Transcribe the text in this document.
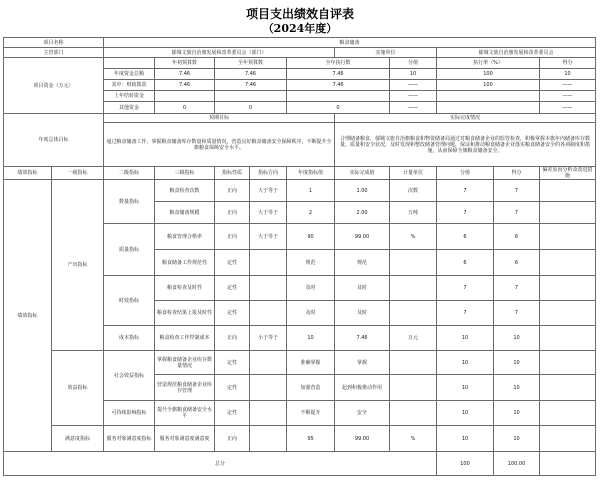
项目支出绩效自评表
（2024年度）
项目名称		粮食储备									
主管部门		郁城文旅自治旗发展和改革委员会（部门）					实施单位		郁城文旅自治旗发展和改革委员会		
项目资金（万元）			年初预算数	全年预算数		全年执行数		分值	执行率（%）		得分
		年度资金总额	7.46	7.46		7.46		10	100		10
		其中：财政拨款	7.46	7.46		7.46		——	100		——
		上年结转资金						——			——
		其他资金	0	0		0		——			——
年度总体目标		预期目标					实际完成情况				
		通过粮食储备工作，掌握粮食储备库存数量和质量情况，营造良好粮食储备安全保障秩序，不断提升全旗粮食保障安全水平。					合理储备粮食，郁城文旅自治旗粮食和物资储备局通过对粮食储备企业的监管检查，积极掌握本旗年内储备库存数量、质量和安全状况，及时发现和整改储备管理问题，保证和推动粮食储备企业落实粮食储备安全的各项制度和措施，从而保障全旗粮食储备安全。				
绩效指标	一级指标	二级指标	三级指标	指标性质	指标方向	年度指标值	实际完成值	计量单位	分值	得分	偏差原因分析及改进措施
绩效指标	产出指标	数量指标	粮食检查次数	正向	大于等于	1	1.00	次数	7	7	
			粮食储备规模	正向	大于等于	2	2.00	万吨	7	7	
		质量指标	粮食管理合格率	正向	大于等于	90	99.00	%	6	6	
			粮食储备工作规范性	定性		规范	规范		6	6	
		时效指标	粮食检查及时性	定性		及时	及时		7	7	
			粮食检查结果上报及时性	定性		及时	及时		7	7	
		成本指标	粮食检查工作控制成本	正向	小于等于	10	7.46	万元	10	10	
	效益指标	社会效益指标	掌握粮食储备企业库存数量情况	定性		准确掌握	掌握		10	10	
			营造规范粮食储备企业库存管理	定性		加强营造	起到积极推动作用		10	10	
		可持续影响指标	提升全旗粮食储备安全水平	定性		不断提升	安全		10	10	
	满意度指标	服务对象满意度指标	服务对象满意度满意度	正向		95	99.00	%	10	10	
总分									100	100.00	
